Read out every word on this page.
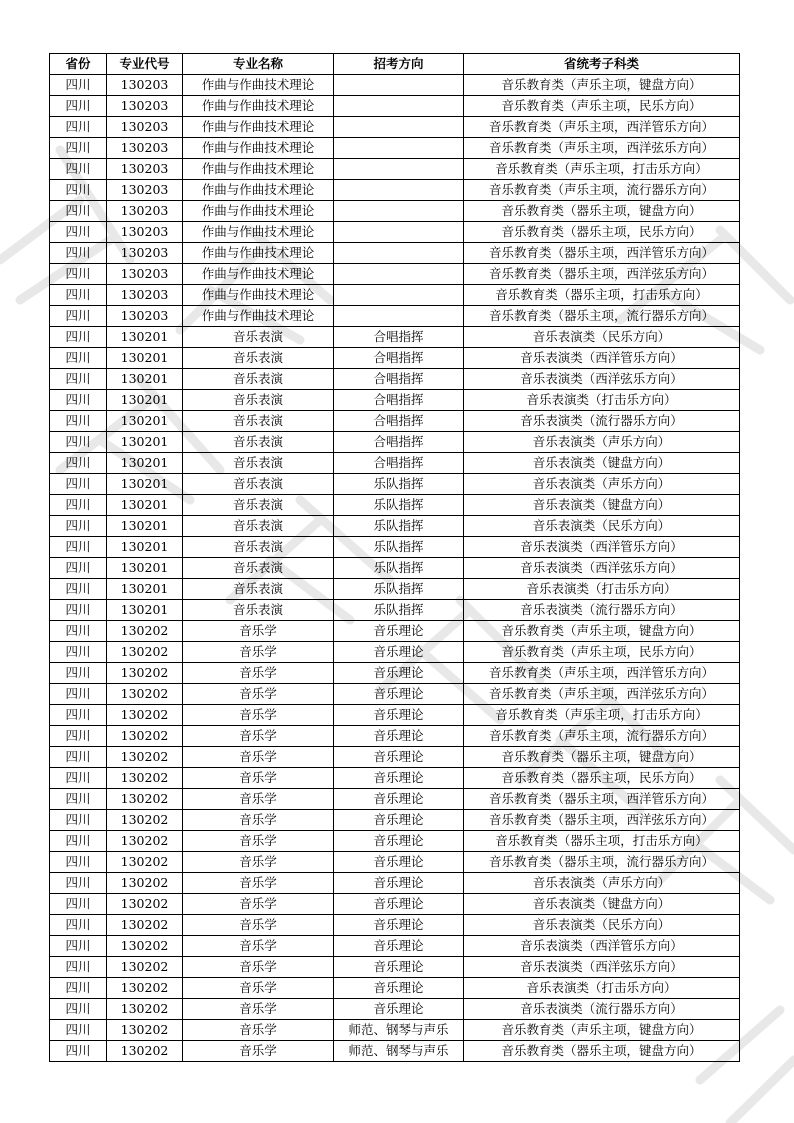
省份	专业代号	专业名称	招考方向	省统考子科类
四川	130203	作曲与作曲技术理论		音乐教育类（声乐主项，键盘方向）
四川	130203	作曲与作曲技术理论		音乐教育类（声乐主项，民乐方向）
四川	130203	作曲与作曲技术理论		音乐教育类（声乐主项，西洋管乐方向）
四川	130203	作曲与作曲技术理论		音乐教育类（声乐主项，西洋弦乐方向）
四川	130203	作曲与作曲技术理论		音乐教育类（声乐主项，打击乐方向）
四川	130203	作曲与作曲技术理论		音乐教育类（声乐主项，流行器乐方向）
四川	130203	作曲与作曲技术理论		音乐教育类（器乐主项，键盘方向）
四川	130203	作曲与作曲技术理论		音乐教育类（器乐主项，民乐方向）
四川	130203	作曲与作曲技术理论		音乐教育类（器乐主项，西洋管乐方向）
四川	130203	作曲与作曲技术理论		音乐教育类（器乐主项，西洋弦乐方向）
四川	130203	作曲与作曲技术理论		音乐教育类（器乐主项，打击乐方向）
四川	130203	作曲与作曲技术理论		音乐教育类（器乐主项，流行器乐方向）
四川	130201	音乐表演	合唱指挥	音乐表演类（民乐方向）
四川	130201	音乐表演	合唱指挥	音乐表演类（西洋管乐方向）
四川	130201	音乐表演	合唱指挥	音乐表演类（西洋弦乐方向）
四川	130201	音乐表演	合唱指挥	音乐表演类（打击乐方向）
四川	130201	音乐表演	合唱指挥	音乐表演类（流行器乐方向）
四川	130201	音乐表演	合唱指挥	音乐表演类（声乐方向）
四川	130201	音乐表演	合唱指挥	音乐表演类（键盘方向）
四川	130201	音乐表演	乐队指挥	音乐表演类（声乐方向）
四川	130201	音乐表演	乐队指挥	音乐表演类（键盘方向）
四川	130201	音乐表演	乐队指挥	音乐表演类（民乐方向）
四川	130201	音乐表演	乐队指挥	音乐表演类（西洋管乐方向）
四川	130201	音乐表演	乐队指挥	音乐表演类（西洋弦乐方向）
四川	130201	音乐表演	乐队指挥	音乐表演类（打击乐方向）
四川	130201	音乐表演	乐队指挥	音乐表演类（流行器乐方向）
四川	130202	音乐学	音乐理论	音乐教育类（声乐主项，键盘方向）
四川	130202	音乐学	音乐理论	音乐教育类（声乐主项，民乐方向）
四川	130202	音乐学	音乐理论	音乐教育类（声乐主项，西洋管乐方向）
四川	130202	音乐学	音乐理论	音乐教育类（声乐主项，西洋弦乐方向）
四川	130202	音乐学	音乐理论	音乐教育类（声乐主项，打击乐方向）
四川	130202	音乐学	音乐理论	音乐教育类（声乐主项，流行器乐方向）
四川	130202	音乐学	音乐理论	音乐教育类（器乐主项，键盘方向）
四川	130202	音乐学	音乐理论	音乐教育类（器乐主项，民乐方向）
四川	130202	音乐学	音乐理论	音乐教育类（器乐主项，西洋管乐方向）
四川	130202	音乐学	音乐理论	音乐教育类（器乐主项，西洋弦乐方向）
四川	130202	音乐学	音乐理论	音乐教育类（器乐主项，打击乐方向）
四川	130202	音乐学	音乐理论	音乐教育类（器乐主项，流行器乐方向）
四川	130202	音乐学	音乐理论	音乐表演类（声乐方向）
四川	130202	音乐学	音乐理论	音乐表演类（键盘方向）
四川	130202	音乐学	音乐理论	音乐表演类（民乐方向）
四川	130202	音乐学	音乐理论	音乐表演类（西洋管乐方向）
四川	130202	音乐学	音乐理论	音乐表演类（西洋弦乐方向）
四川	130202	音乐学	音乐理论	音乐表演类（打击乐方向）
四川	130202	音乐学	音乐理论	音乐表演类（流行器乐方向）
四川	130202	音乐学	师范、钢琴与声乐	音乐教育类（声乐主项，键盘方向）
四川	130202	音乐学	师范、钢琴与声乐	音乐教育类（器乐主项，键盘方向）
